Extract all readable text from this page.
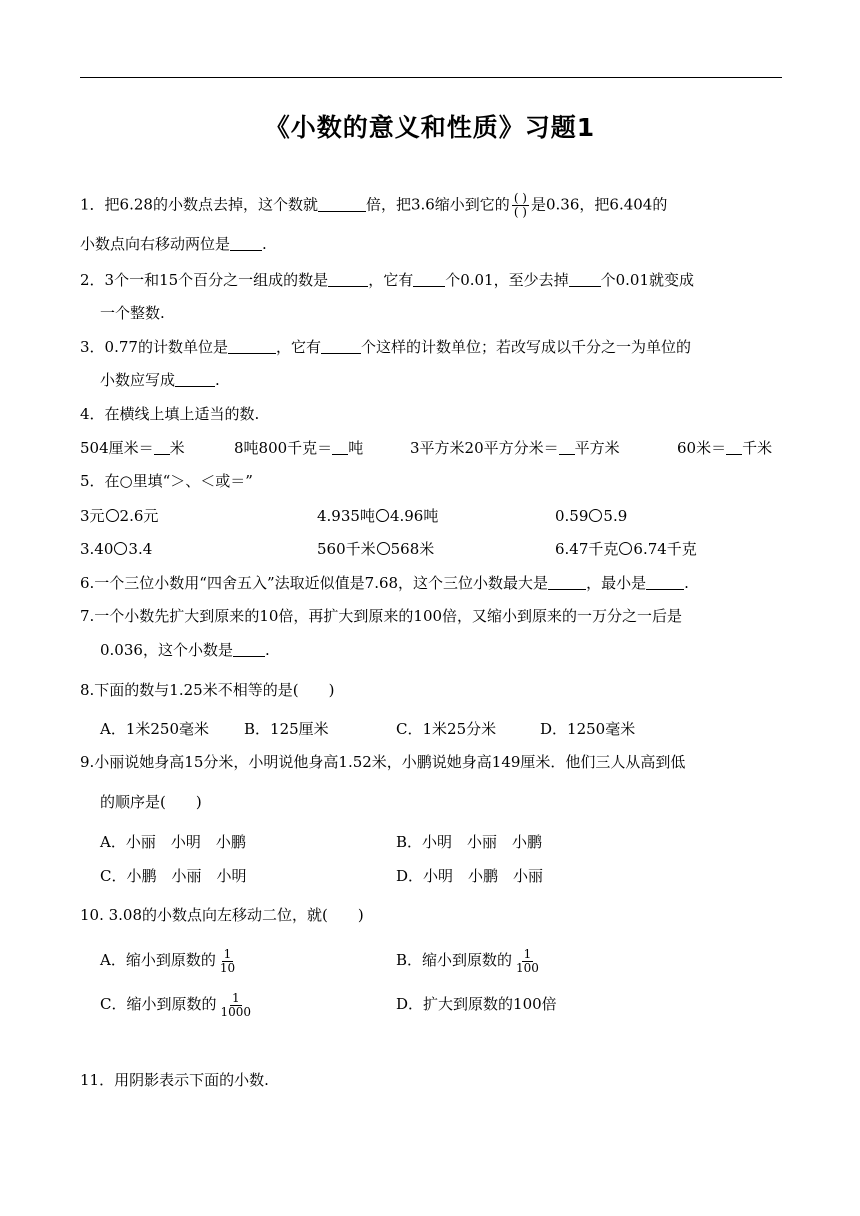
《小数的意义和性质》习题1
1．把6.28的小数点去掉，这个数就	倍，把3.6缩小到它的 $\frac{( )}{( )}$ 是0.36，把6.404的
小数点向右移动两位是 .
2．3个一和15个百分之一组成的数是	，它有 个0.01，至少去掉 个0.01就变成
一个整数.
3．0.77的计数单位是	，它有	个这样的计数单位；若改写成以千分之一为单位的
小数应写成	.
4．在横线上填上适当的数.
504厘米＝ 米	8吨800千克＝ 吨	3平方米20平方分米＝ 平方米	60米＝ 千米
5．在○里填“＞、＜或＝”
3元 2.6元	4.935吨 4.96吨	0.59 5.9
3.40 3.4	560千米 568米	6.47千克 6.74千克
6.一个三位小数用“四舍五入”法取近似值是7.68，这个三位小数最大是	，最小是	.
7.一个小数先扩大到原来的10倍，再扩大到原来的100倍，又缩小到原来的一万分之一后是
0.036，这个小数是 .
8.下面的数与1.25米不相等的是(　　)
A．1米250毫米 B．125厘米	C．1米25分米	D．1250毫米
9.小丽说她身高15分米，小明说他身高1.52米，小鹏说她身高149厘米．他们三人从高到低
的顺序是(　　)
A．小丽　小明　小鹏	B．小明　小丽　小鹏
C．小鹏　小丽　小明	D．小明　小鹏　小丽
10. 3.08的小数点向左移动二位，就(　　)
A．缩小到原数的 $\frac{1}{10}$	B．缩小到原数的 $\frac{1}{100}$
C．缩小到原数的 $\frac{1}{1000}$	D．扩大到原数的100倍
11．用阴影表示下面的小数.
